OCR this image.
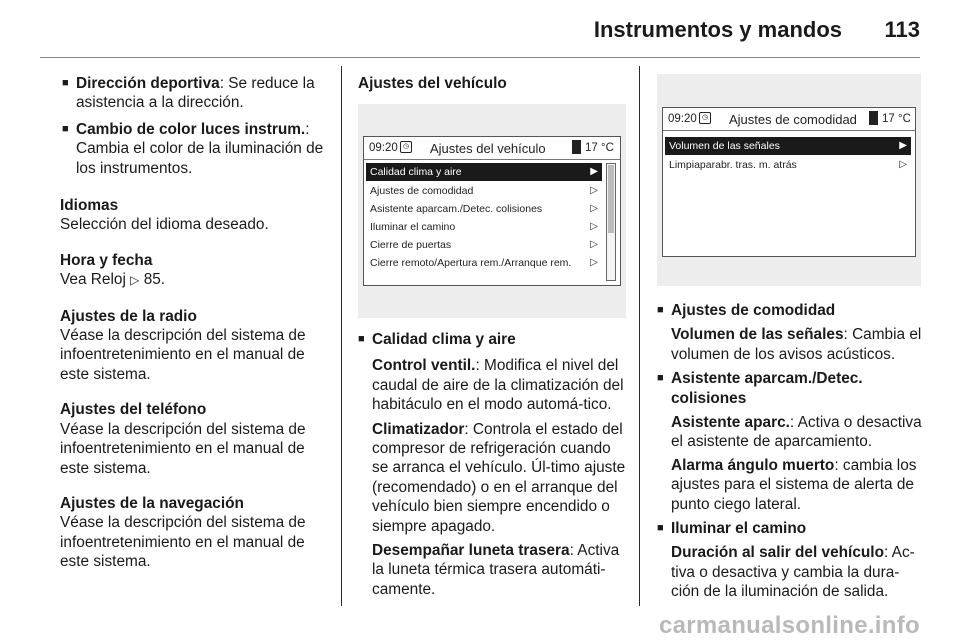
Instrumentos y mandos 113

■ Dirección deportiva: Se reduce la asistencia a la dirección.

■ Cambio de color luces instrum.: Cambia el color de la iluminación de los instrumentos.

Idiomas

Selección del idioma deseado.

Hora y fecha

Vea Reloj ▷ 85.

Ajustes de la radio

Véase la descripción del sistema de infoentretenimiento en el manual de este sistema.

Ajustes del teléfono

Véase la descripción del sistema de infoentretenimiento en el manual de este sistema.

Ajustes de la navegación

Véase la descripción del sistema de infoentretenimiento en el manual de este sistema.

Ajustes del vehículo

09:20 ◷ Ajustes del vehículo	17 °C
Calidad clima y aire	▶
Ajustes de comodidad	▷
Asistente aparcam./Detec. colisiones	▷
Iluminar el camino	▷
Cierre de puertas	▷
Cierre remoto/Apertura rem./Arranque rem. ▷

■ Calidad clima y aire

Control ventil.: Modifica el nivel del caudal de aire de la climatización del habitáculo en el modo automá-tico.

Climatizador: Controla el estado del compresor de refrigeración cuando se arranca el vehículo. Úl-timo ajuste (recomendado) o en el arranque del vehículo bien siempre encendido o siempre apagado.

Desempañar luneta trasera: Activa la luneta térmica trasera automáti-camente.

09:20 ◷ Ajustes de comodidad 17 °C
Volumen de las señales	▶
Limpiaparabr. tras. m. atrás	▷

■ Ajustes de comodidad

Volumen de las señales: Cambia el volumen de los avisos acústicos.

■ Asistente aparcam./Detec. colisiones

Asistente aparc.: Activa o desactiva el asistente de aparcamiento.

Alarma ángulo muerto: cambia los ajustes para el sistema de alerta de punto ciego lateral.

■ Iluminar el camino

Duración al salir del vehículo: Ac-tiva o desactiva y cambia la dura-ción de la iluminación de salida.

carmanualsonline.info
